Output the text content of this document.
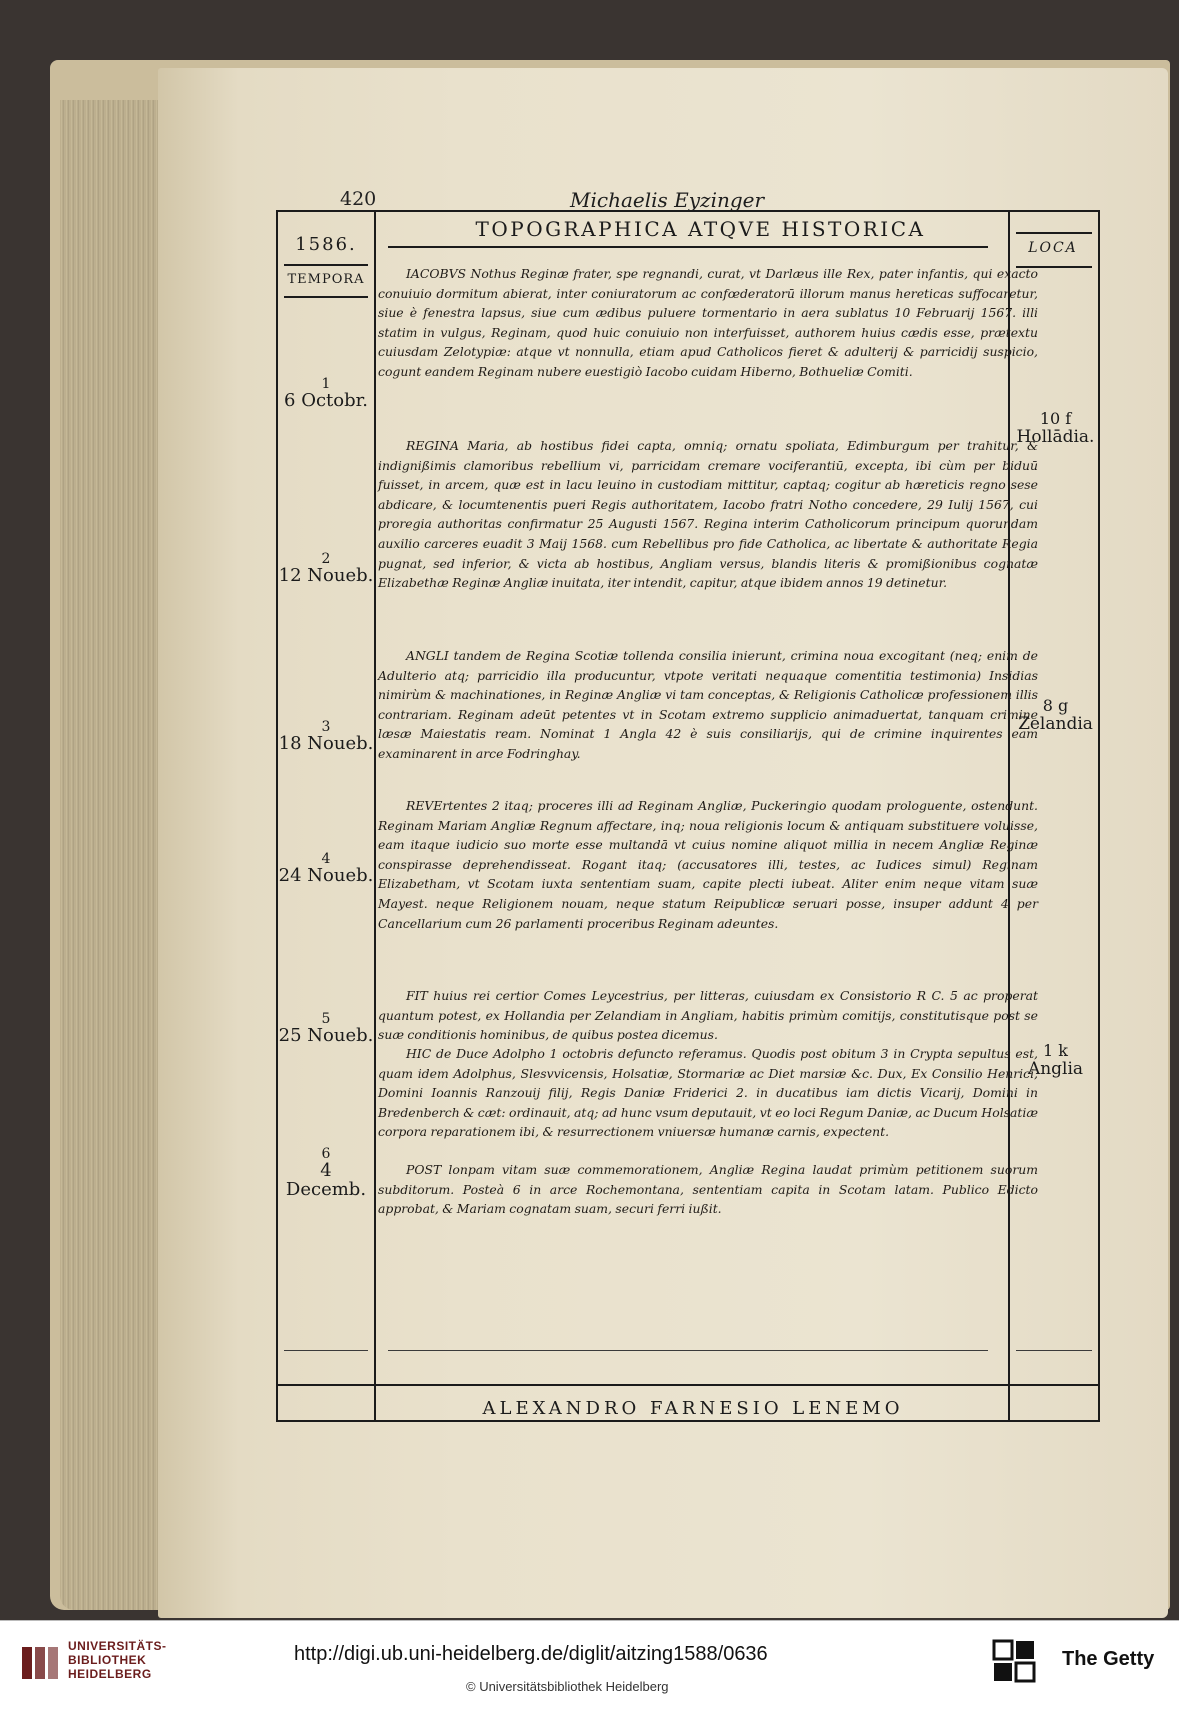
420	Michaelis Eyzinger
1586.
TEMPORA
TOPOGRAPHICA ATQVE HISTORICA
LOCA
1
6 Octobr.
2
12 Noueb.
3
18 Noueb.
4
24 Noueb.
5
25 Noueb.
6
4 Decemb.
10 f
Hollādia.
8 g
Zelandia
1 k
Anglia

IACOBVS Nothus Reginæ frater, spe regnandi, curat, vt Darlæus ille Rex, pater infantis, qui exacto conuiuio dormitum abierat, inter coniuratorum ac confœderatorū illorum manus hereticas suffocaretur, siue è fenestra lapsus, siue cum ædibus puluere tormentario in aera sublatus 10 Februarij 1567. illi statim in vulgus, Reginam, quod huic conuiuio non interfuisset, authorem huius cædis esse, prætextu cuiusdam Zelotypiæ: atque vt nonnulla, etiam apud Catholicos fieret & adulterij & parricidij suspicio, cogunt eandem Reginam nubere euestigiò Iacobo cuidam Hiberno, Bothueliæ Comiti.

REGINA Maria, ab hostibus fidei capta, omniq; ornatu spoliata, Edimburgum per trahitur, & indignißimis clamoribus rebellium vi, parricidam cremare vociferantiū, excepta, ibi cùm per biduū fuisset, in arcem, quæ est in lacu leuino in custodiam mittitur, captaq; cogitur ab hæreticis regno sese abdicare, & locumtenentis pueri Regis authoritatem, Iacobo fratri Notho concedere, 29 Iulij 1567, cui proregia authoritas confirmatur 25 Augusti 1567. Regina interim Catholicorum principum quorundam auxilio carceres euadit 3 Maij 1568. cum Rebellibus pro fide Catholica, ac libertate & authoritate Regia pugnat, sed inferior, & victa ab hostibus, Angliam versus, blandis literis & promißionibus cognatæ Elizabethæ Reginæ Angliæ inuitata, iter intendit, capitur, atque ibidem annos 19 detinetur.

ANGLI tandem de Regina Scotiæ tollenda consilia inierunt, crimina noua excogitant (neq; enim de Adulterio atq; parricidio illa producuntur, vtpote veritati nequaque comentitia testimonia) Insidias nimirùm & machinationes, in Reginæ Angliæ vi tam conceptas, & Religionis Catholicæ professionem illis contrariam. Reginam adeūt petentes vt in Scotam extremo supplicio animaduertat, tanquam crimine læsæ Maiestatis ream. Nominat 1 Angla 42 è suis consiliarijs, qui de crimine inquirentes eam examinarent in arce Fodringhay.

REVErtentes 2 itaq; proceres illi ad Reginam Angliæ, Puckeringio quodam prologuente, ostendunt. Reginam Mariam Angliæ Regnum affectare, inq; noua religionis locum & antiquam substituere voluisse, eam itaque iudicio suo morte esse multandā vt cuius nomine aliquot millia in necem Angliæ Reginæ conspirasse deprehendisseat. Rogant itaq; (accusatores illi, testes, ac Iudices simul) Reginam Elizabetham, vt Scotam iuxta sententiam suam, capite plecti iubeat. Aliter enim neque vitam suæ Mayest. neque Religionem nouam, neque statum Reipublicæ seruari posse, insuper addunt 4 per Cancellarium cum 26 parlamenti proceribus Reginam adeuntes.

FIT huius rei certior Comes Leycestrius, per litteras, cuiusdam ex Consistorio R C. 5 ac properat quantum potest, ex Hollandia per Zelandiam in Angliam, habitis primùm comitijs, constitutisque post se suæ conditionis hominibus, de quibus postea dicemus.

HIC de Duce Adolpho 1 octobris defuncto referamus. Quodis post obitum 3 in Crypta sepultus est, quam idem Adolphus, Slesvvicensis, Holsatiæ, Stormariæ ac Diet marsiæ &c. Dux, Ex Consilio Henrici, Domini Ioannis Ranzouij filij, Regis Daniæ Friderici 2. in ducatibus iam dictis Vicarij, Domini in Bredenberch & cæt: ordinauit, atq; ad hunc vsum deputauit, vt eo loci Regum Daniæ, ac Ducum Holsatiæ corpora reparationem ibi, & resurrectionem vniuersæ humanæ carnis, expectent.

POST lonpam vitam suæ commemorationem, Angliæ Regina laudat primùm petitionem suorum subditorum. Posteà 6 in arce Rochemontana, sententiam capita in Scotam latam. Publico Edicto approbat, & Mariam cognatam suam, securi ferri iußit.

ALEXANDRO FARNESIO LENEMO
UNIVERSITÄTS-
BIBLIOTHEK
HEIDELBERG
http://digi.ub.uni-heidelberg.de/diglit/aitzing1588/0636
© Universitätsbibliothek Heidelberg
The Getty
